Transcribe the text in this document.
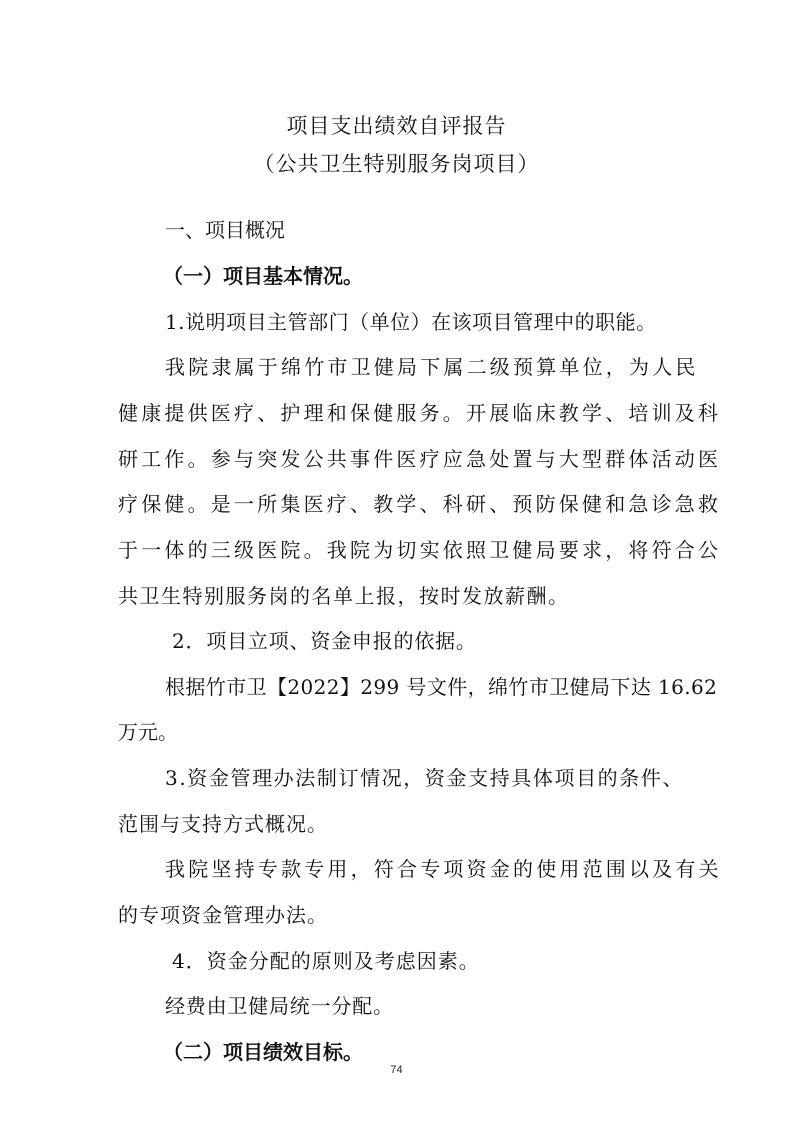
项目支出绩效自评报告
（公共卫生特别服务岗项目）
一、项目概况
（一）项目基本情况。
1.说明项目主管部门（单位）在该项目管理中的职能。
我院隶属于绵竹市卫健局下属二级预算单位，为人民
健康提供医疗、护理和保健服务。开展临床教学、培训及科
研工作。参与突发公共事件医疗应急处置与大型群体活动医
疗保健。是一所集医疗、教学、科研、预防保健和急诊急救
于一体的三级医院。我院为切实依照卫健局要求，将符合公
共卫生特别服务岗的名单上报，按时发放薪酬。
2．项目立项、资金申报的依据。
根据竹市卫【2022】299 号文件，绵竹市卫健局下达 16.62
万元。
3.资金管理办法制订情况，资金支持具体项目的条件、
范围与支持方式概况。
我院坚持专款专用，符合专项资金的使用范围以及有关
的专项资金管理办法。
4．资金分配的原则及考虑因素。
经费由卫健局统一分配。
（二）项目绩效目标。
74
